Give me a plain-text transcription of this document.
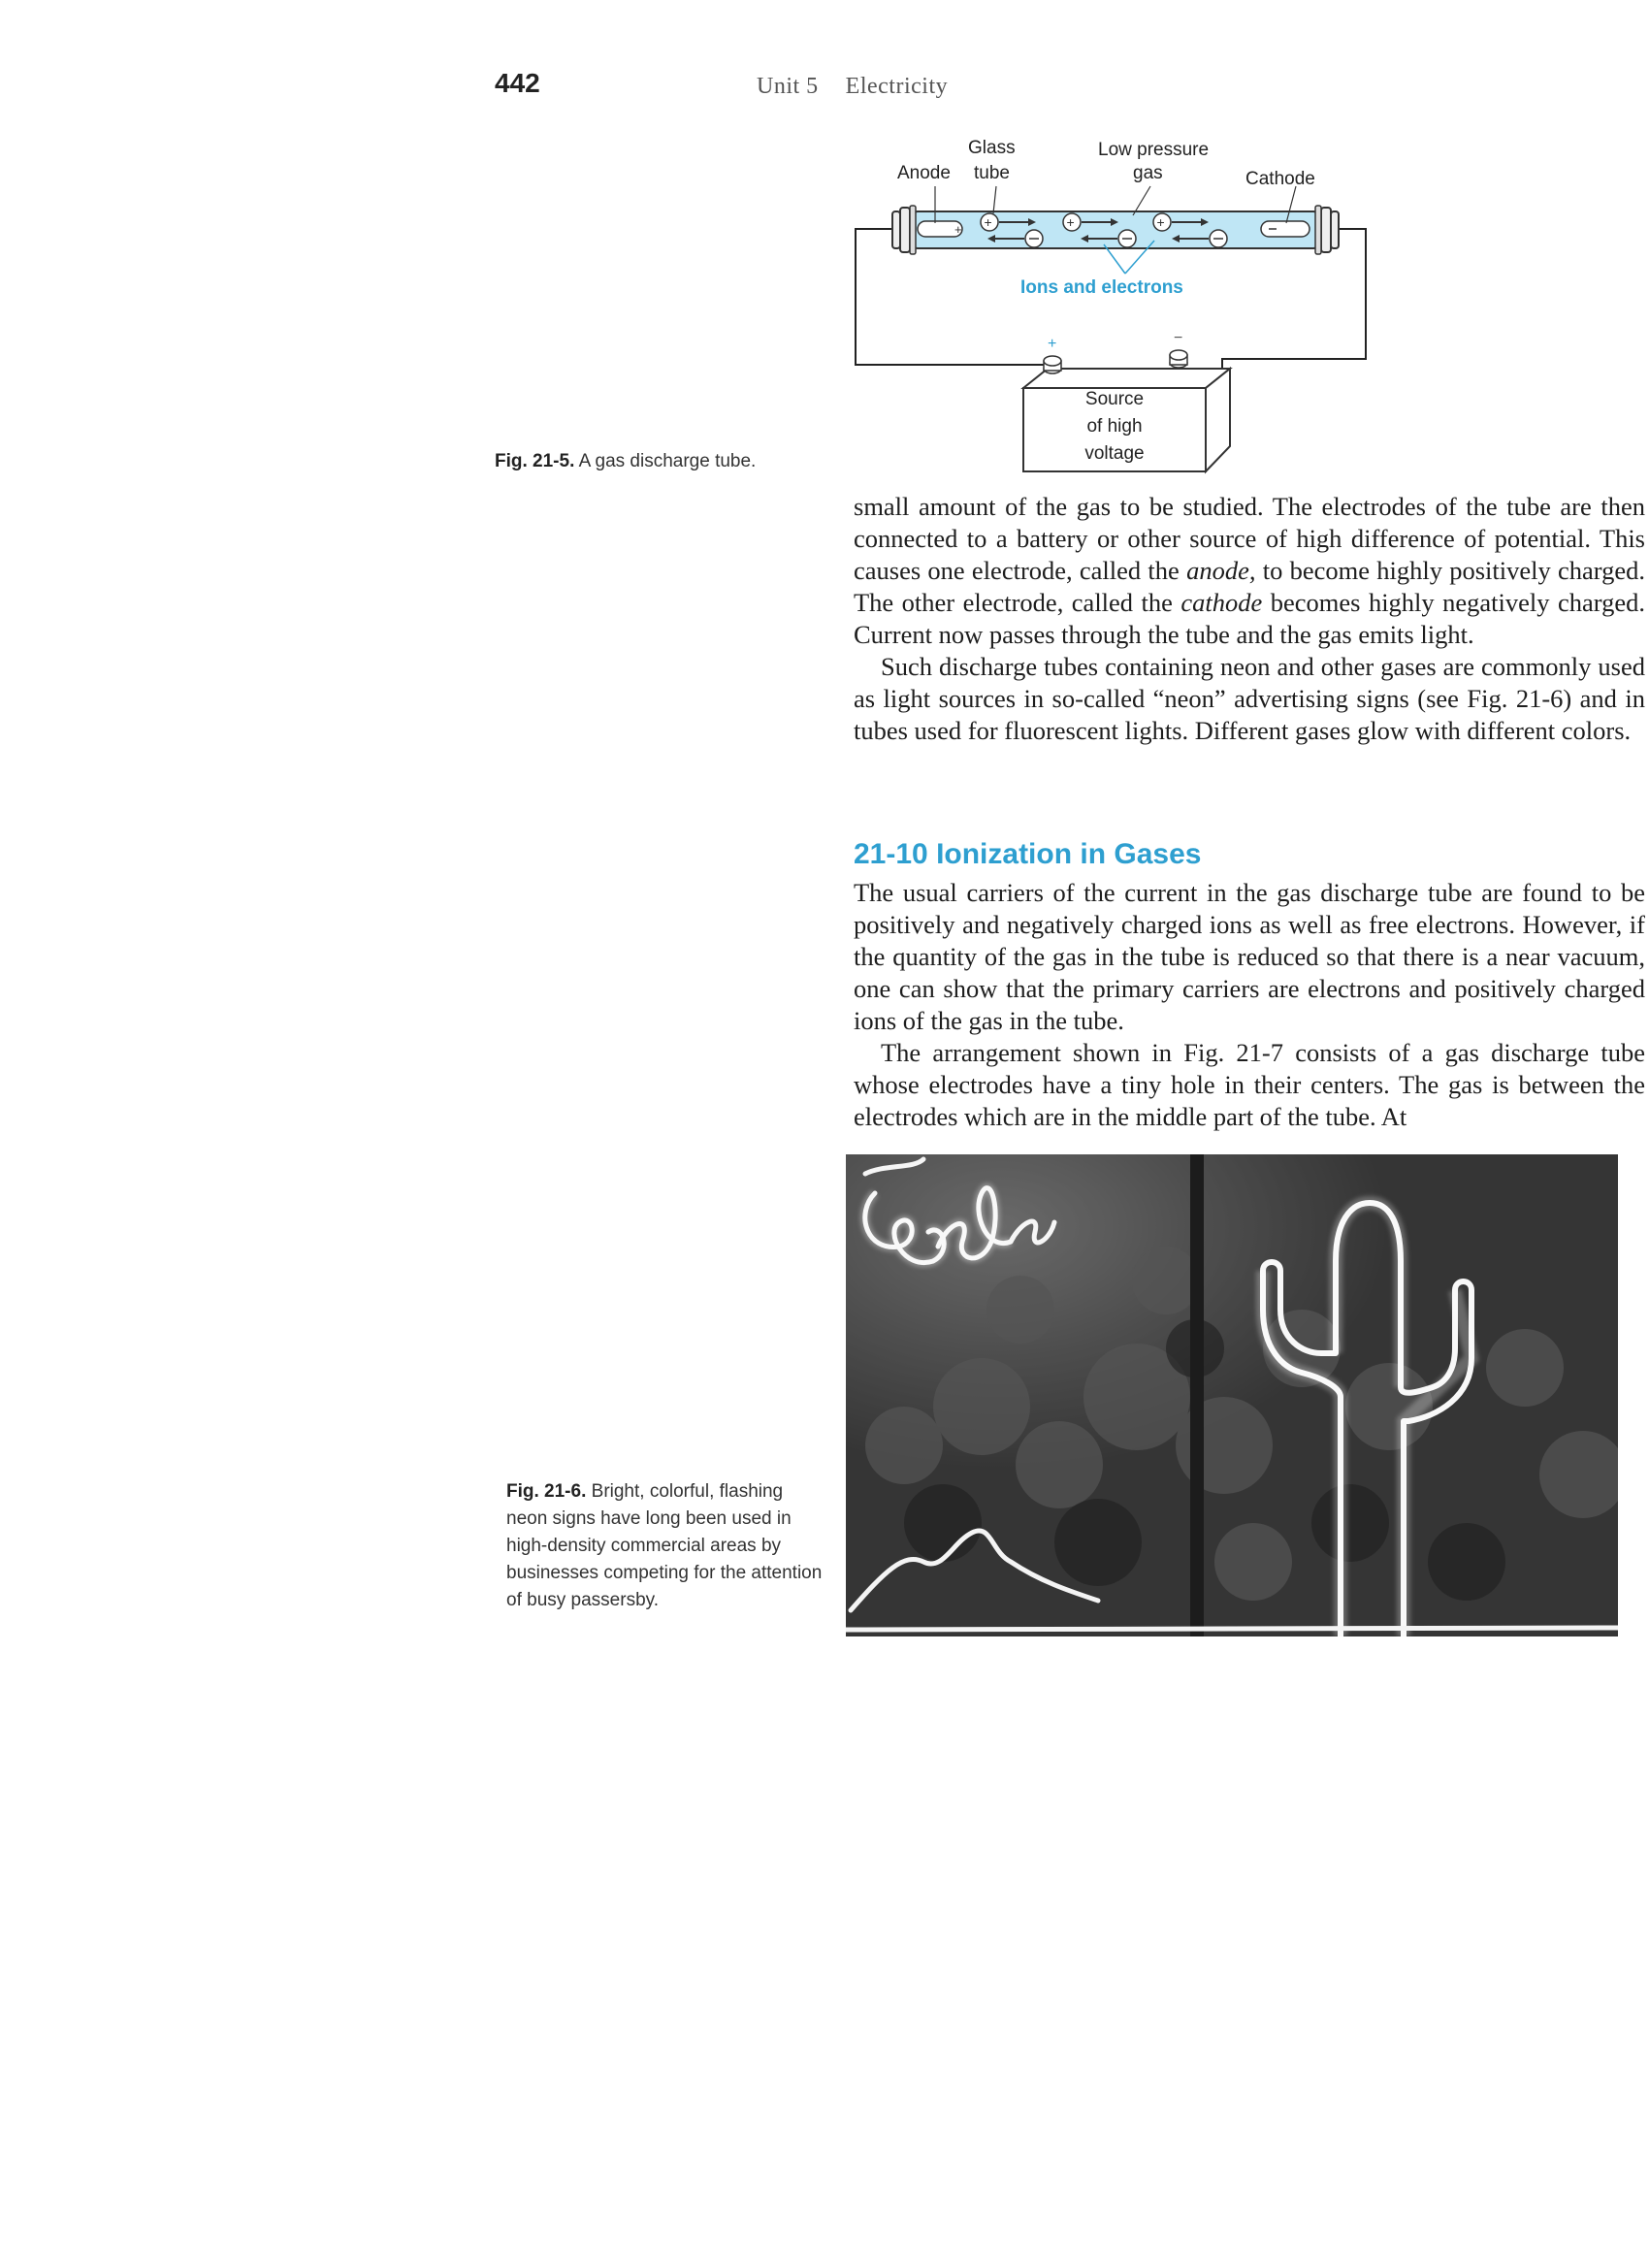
442	Unit 5 Electricity
+ +	+	+
Glass
tube
Anode
Low pressure
gas	Cathode
Ions and electrons
+	−
Source
of high
voltage
Fig. 21-5. A gas discharge tube.

small amount of the gas to be studied. The electrodes of the tube are then connected to a battery or other source of high difference of potential. This causes one electrode, called the anode, to become highly positively charged. The other electrode, called the cathode becomes highly negatively charged. Current now passes through the tube and the gas emits light.

Such discharge tubes containing neon and other gases are commonly used as light sources in so-called “neon” advertising signs (see Fig. 21-6) and in tubes used for fluorescent lights. Different gases glow with different colors.

21-10 Ionization in Gases

The usual carriers of the current in the gas discharge tube are found to be positively and negatively charged ions as well as free electrons. However, if the quantity of the gas in the tube is reduced so that there is a near vacuum, one can show that the primary carriers are electrons and positively charged ions of the gas in the tube.

The arrangement shown in Fig. 21-7 consists of a gas discharge tube whose electrodes have a tiny hole in their centers. The gas is between the electrodes which are in the middle part of the tube. At

Fig. 21-6. Bright, colorful, flashing neon signs have long been used in high-density commercial areas by businesses competing for the attention of busy passersby.
